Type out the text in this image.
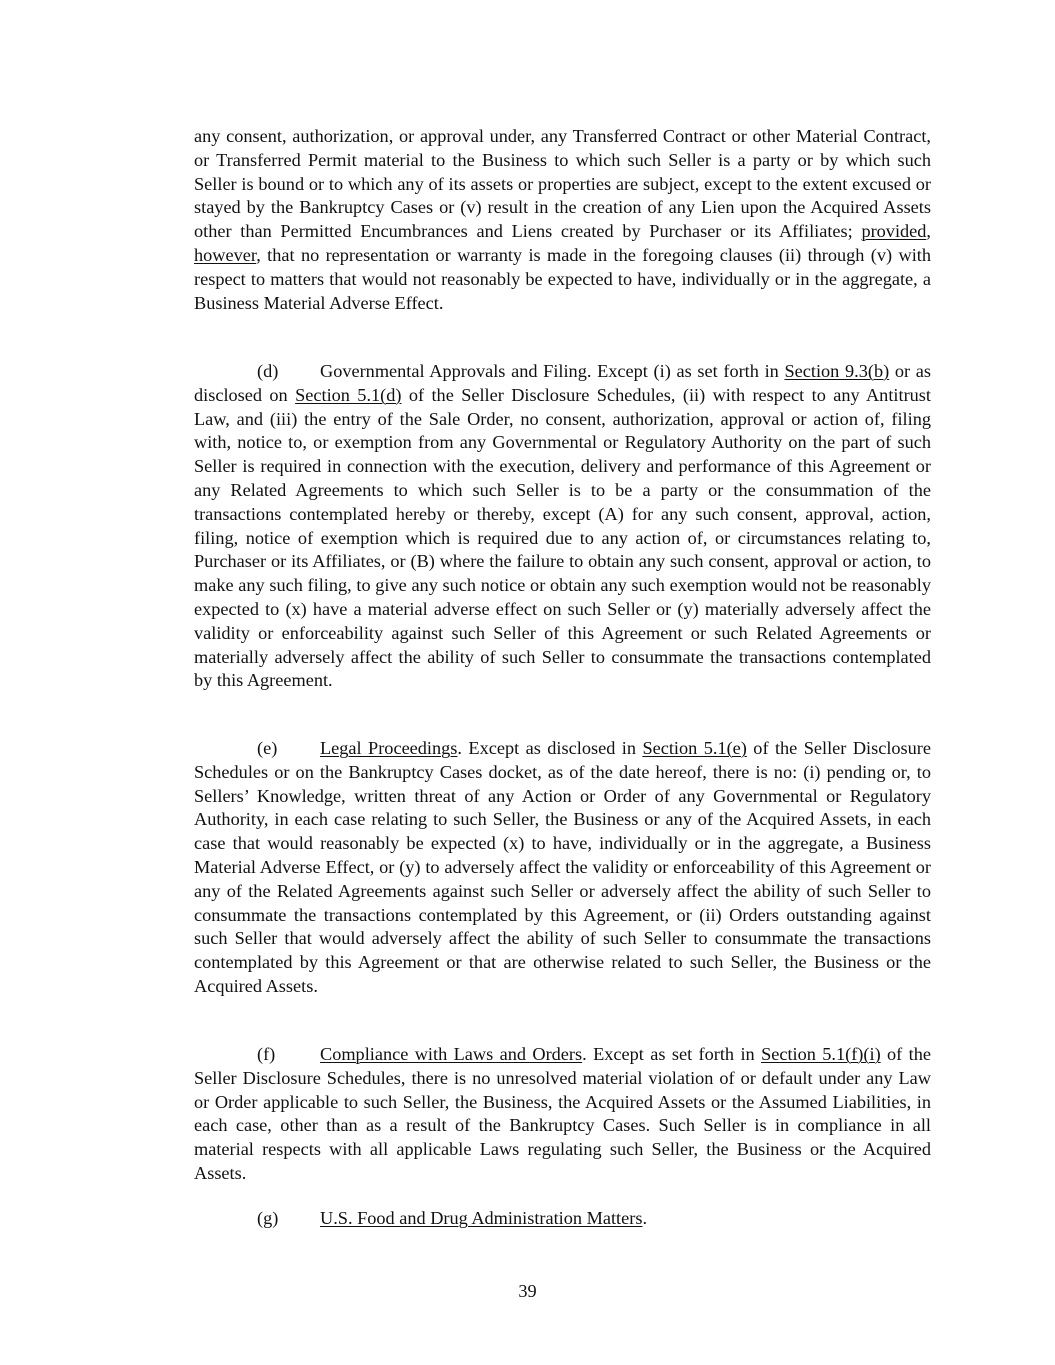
any consent, authorization, or approval under, any Transferred Contract or other Material Contract, or Transferred Permit material to the Business to which such Seller is a party or by which such Seller is bound or to which any of its assets or properties are subject, except to the extent excused or stayed by the Bankruptcy Cases or (v) result in the creation of any Lien upon the Acquired Assets other than Permitted Encumbrances and Liens created by Purchaser or its Affiliates; provided, however, that no representation or warranty is made in the foregoing clauses (ii) through (v) with respect to matters that would not reasonably be expected to have, individually or in the aggregate, a Business Material Adverse Effect.

(d) Governmental Approvals and Filing. Except (i) as set forth in Section 9.3(b) or as disclosed on Section 5.1(d) of the Seller Disclosure Schedules, (ii) with respect to any Antitrust Law, and (iii) the entry of the Sale Order, no consent, authorization, approval or action of, filing with, notice to, or exemption from any Governmental or Regulatory Authority on the part of such Seller is required in connection with the execution, delivery and performance of this Agreement or any Related Agreements to which such Seller is to be a party or the consummation of the transactions contemplated hereby or thereby, except (A) for any such consent, approval, action, filing, notice of exemption which is required due to any action of, or circumstances relating to, Purchaser or its Affiliates, or (B) where the failure to obtain any such consent, approval or action, to make any such filing, to give any such notice or obtain any such exemption would not be reasonably expected to (x) have a material adverse effect on such Seller or (y) materially adversely affect the validity or enforceability against such Seller of this Agreement or such Related Agreements or materially adversely affect the ability of such Seller to consummate the transactions contemplated by this Agreement.

(e) Legal Proceedings. Except as disclosed in Section 5.1(e) of the Seller Disclosure Schedules or on the Bankruptcy Cases docket, as of the date hereof, there is no: (i) pending or, to Sellers’ Knowledge, written threat of any Action or Order of any Governmental or Regulatory Authority, in each case relating to such Seller, the Business or any of the Acquired Assets, in each case that would reasonably be expected (x) to have, individually or in the aggregate, a Business Material Adverse Effect, or (y) to adversely affect the validity or enforceability of this Agreement or any of the Related Agreements against such Seller or adversely affect the ability of such Seller to consummate the transactions contemplated by this Agreement, or (ii) Orders outstanding against such Seller that would adversely affect the ability of such Seller to consummate the transactions contemplated by this Agreement or that are otherwise related to such Seller, the Business or the Acquired Assets.

(f) Compliance with Laws and Orders. Except as set forth in Section 5.1(f)(i) of the Seller Disclosure Schedules, there is no unresolved material violation of or default under any Law or Order applicable to such Seller, the Business, the Acquired Assets or the Assumed Liabilities, in each case, other than as a result of the Bankruptcy Cases. Such Seller is in compliance in all material respects with all applicable Laws regulating such Seller, the Business or the Acquired Assets.

(g) U.S. Food and Drug Administration Matters.

39
